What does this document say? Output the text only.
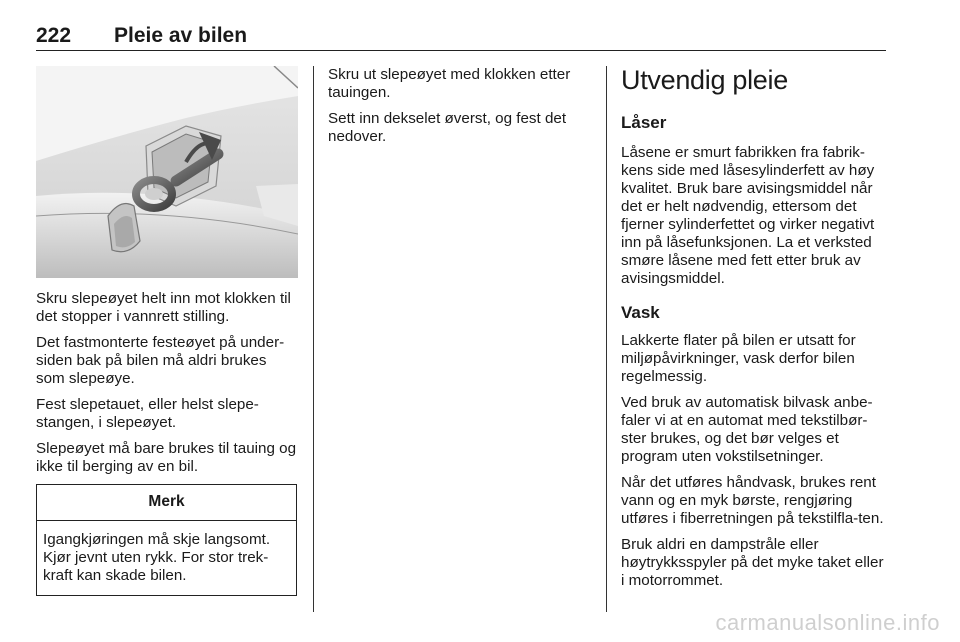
222 Pleie av bilen

Skru slepeøyet helt inn mot klokken til det stopper i vannrett stilling.

Det fastmonterte festeøyet på under-siden bak på bilen må aldri brukes som slepeøye.

Fest slepetauet, eller helst slepe-stangen, i slepeøyet.

Slepeøyet må bare brukes til tauing og ikke til berging av en bil.

Merk
Igangkjøringen må skje langsomt. Kjør jevnt uten rykk. For stor trek-kraft kan skade bilen.

Skru ut slepeøyet med klokken etter tauingen.

Sett inn dekselet øverst, og fest det nedover.

Utvendig pleie
Låser

Låsene er smurt fabrikken fra fabrik-kens side med låsesylinderfett av høy kvalitet. Bruk bare avisingsmiddel når det er helt nødvendig, ettersom det fjerner sylinderfettet og virker negativt inn på låsefunksjonen. La et verksted smøre låsene med fett etter bruk av avisingsmiddel.

Vask

Lakkerte flater på bilen er utsatt for miljøpåvirkninger, vask derfor bilen regelmessig.

Ved bruk av automatisk bilvask anbe-faler vi at en automat med tekstilbør-ster brukes, og det bør velges et program uten vokstilsetninger.

Når det utføres håndvask, brukes rent vann og en myk børste, rengjøring utføres i fiberretningen på tekstilfla-ten.

Bruk aldri en dampstråle eller høytrykksspyler på det myke taket eller i motorrommet.

carmanualsonline.info
